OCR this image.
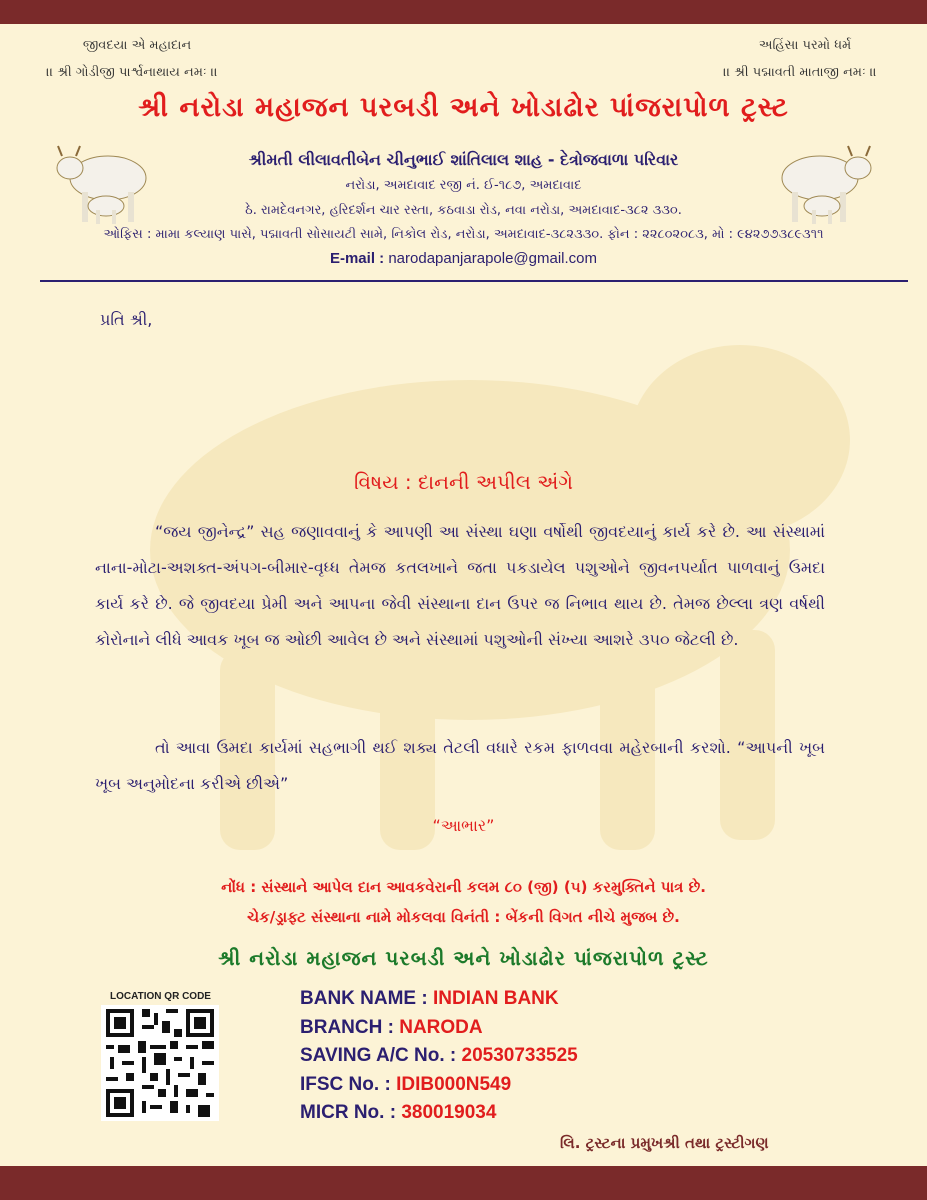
જીવદયા એ મહાદાન
।। શ્રી ગોડીજી પાર્શ્વનાથાય નમઃ ।।
અહિંસા પરમો ધર્મ
।। શ્રી પદ્માવતી માતાજી નમઃ ।।
શ્રી નરોડા મહાજન પરબડી અને ખોડાઢોર પાંજરાપોળ ટ્રસ્ટ
શ્રીમતી લીલાવતીબેન ચીનુભાઈ શાંતિલાલ શાહ - દેત્રોજવાળા પરિવાર
નરોડા, અમદાવાદ રજી નં. ઈ-૧૮૭, અમદાવાદ
ઠે. રામદેવનગર, હરિદર્શન ચાર રસ્તા, કઠવાડા રોડ, નવા નરોડા, અમદાવાદ-૩૮૨ ૩૩૦.
ઓફિસ : મામા કલ્યાણ પાસે, પદ્માવતી સોસાયટી સામે, નિકોલ રોડ, નરોડા, અમદાવાદ-૩૮૨૩૩૦. ફોન : ૨૨૮૦૨૦૮૩, મો : ૯૪૨૭૭૩૮૯૩૧૧
E-mail : narodapanjarapole@gmail.com
પ્રતિ શ્રી,
વિષય : દાનની અપીલ અંગે
“જય જીનેન્દ્ર” સહ જણાવવાનું કે આપણી આ સંસ્થા ઘણા વર્ષોથી જીવદયાનું કાર્ય કરે છે. આ સંસ્થામાં નાના-મોટા-અશક્ત-અંપગ-બીમાર-વૃધ્ધ તેમજ કતલખાને જતા પકડાયેલ પશુઓને જીવનપર્યાત પાળવાનું ઉમદા કાર્ય કરે છે. જે જીવદયા પ્રેમી અને આપના જેવી સંસ્થાના દાન ઉપર જ નિભાવ થાય છે. તેમજ છેલ્લા ત્રણ વર્ષથી કોરોનાને લીધે આવક ખૂબ જ ઓછી આવેલ છે અને સંસ્થામાં પશુઓની સંખ્યા આશરે ૩૫૦ જેટલી છે.
તો આવા ઉમદા કાર્યમાં સહભાગી થઈ શક્ય તેટલી વધારે રકમ ફાળવવા મહેરબાની કરશો. “આપની ખૂબ ખૂબ અનુમોદના કરીએ છીએ”
“આભાર”
નોંધ : સંસ્થાને આપેલ દાન આવકવેરાની કલમ ૮૦ (જી) (૫) કરમુક્તિને પાત્ર છે.
ચેક/ડ્રાફ્ટ સંસ્થાના નામે મોકલવા વિનંતી : બેંકની વિગત નીચે મુજબ છે.
શ્રી નરોડા મહાજન પરબડી અને ખોડાઢોર પાંજરાપોળ ટ્રસ્ટ
LOCATION QR CODE	BANK NAME : INDIAN BANK
BRANCH : NARODA
SAVING A/C No. : 20530733525
IFSC No. : IDIB000N549
MICR No. : 380019034
લિ. ટ્રસ્ટના પ્રમુખશ્રી તથા ટ્રસ્ટીગણ
